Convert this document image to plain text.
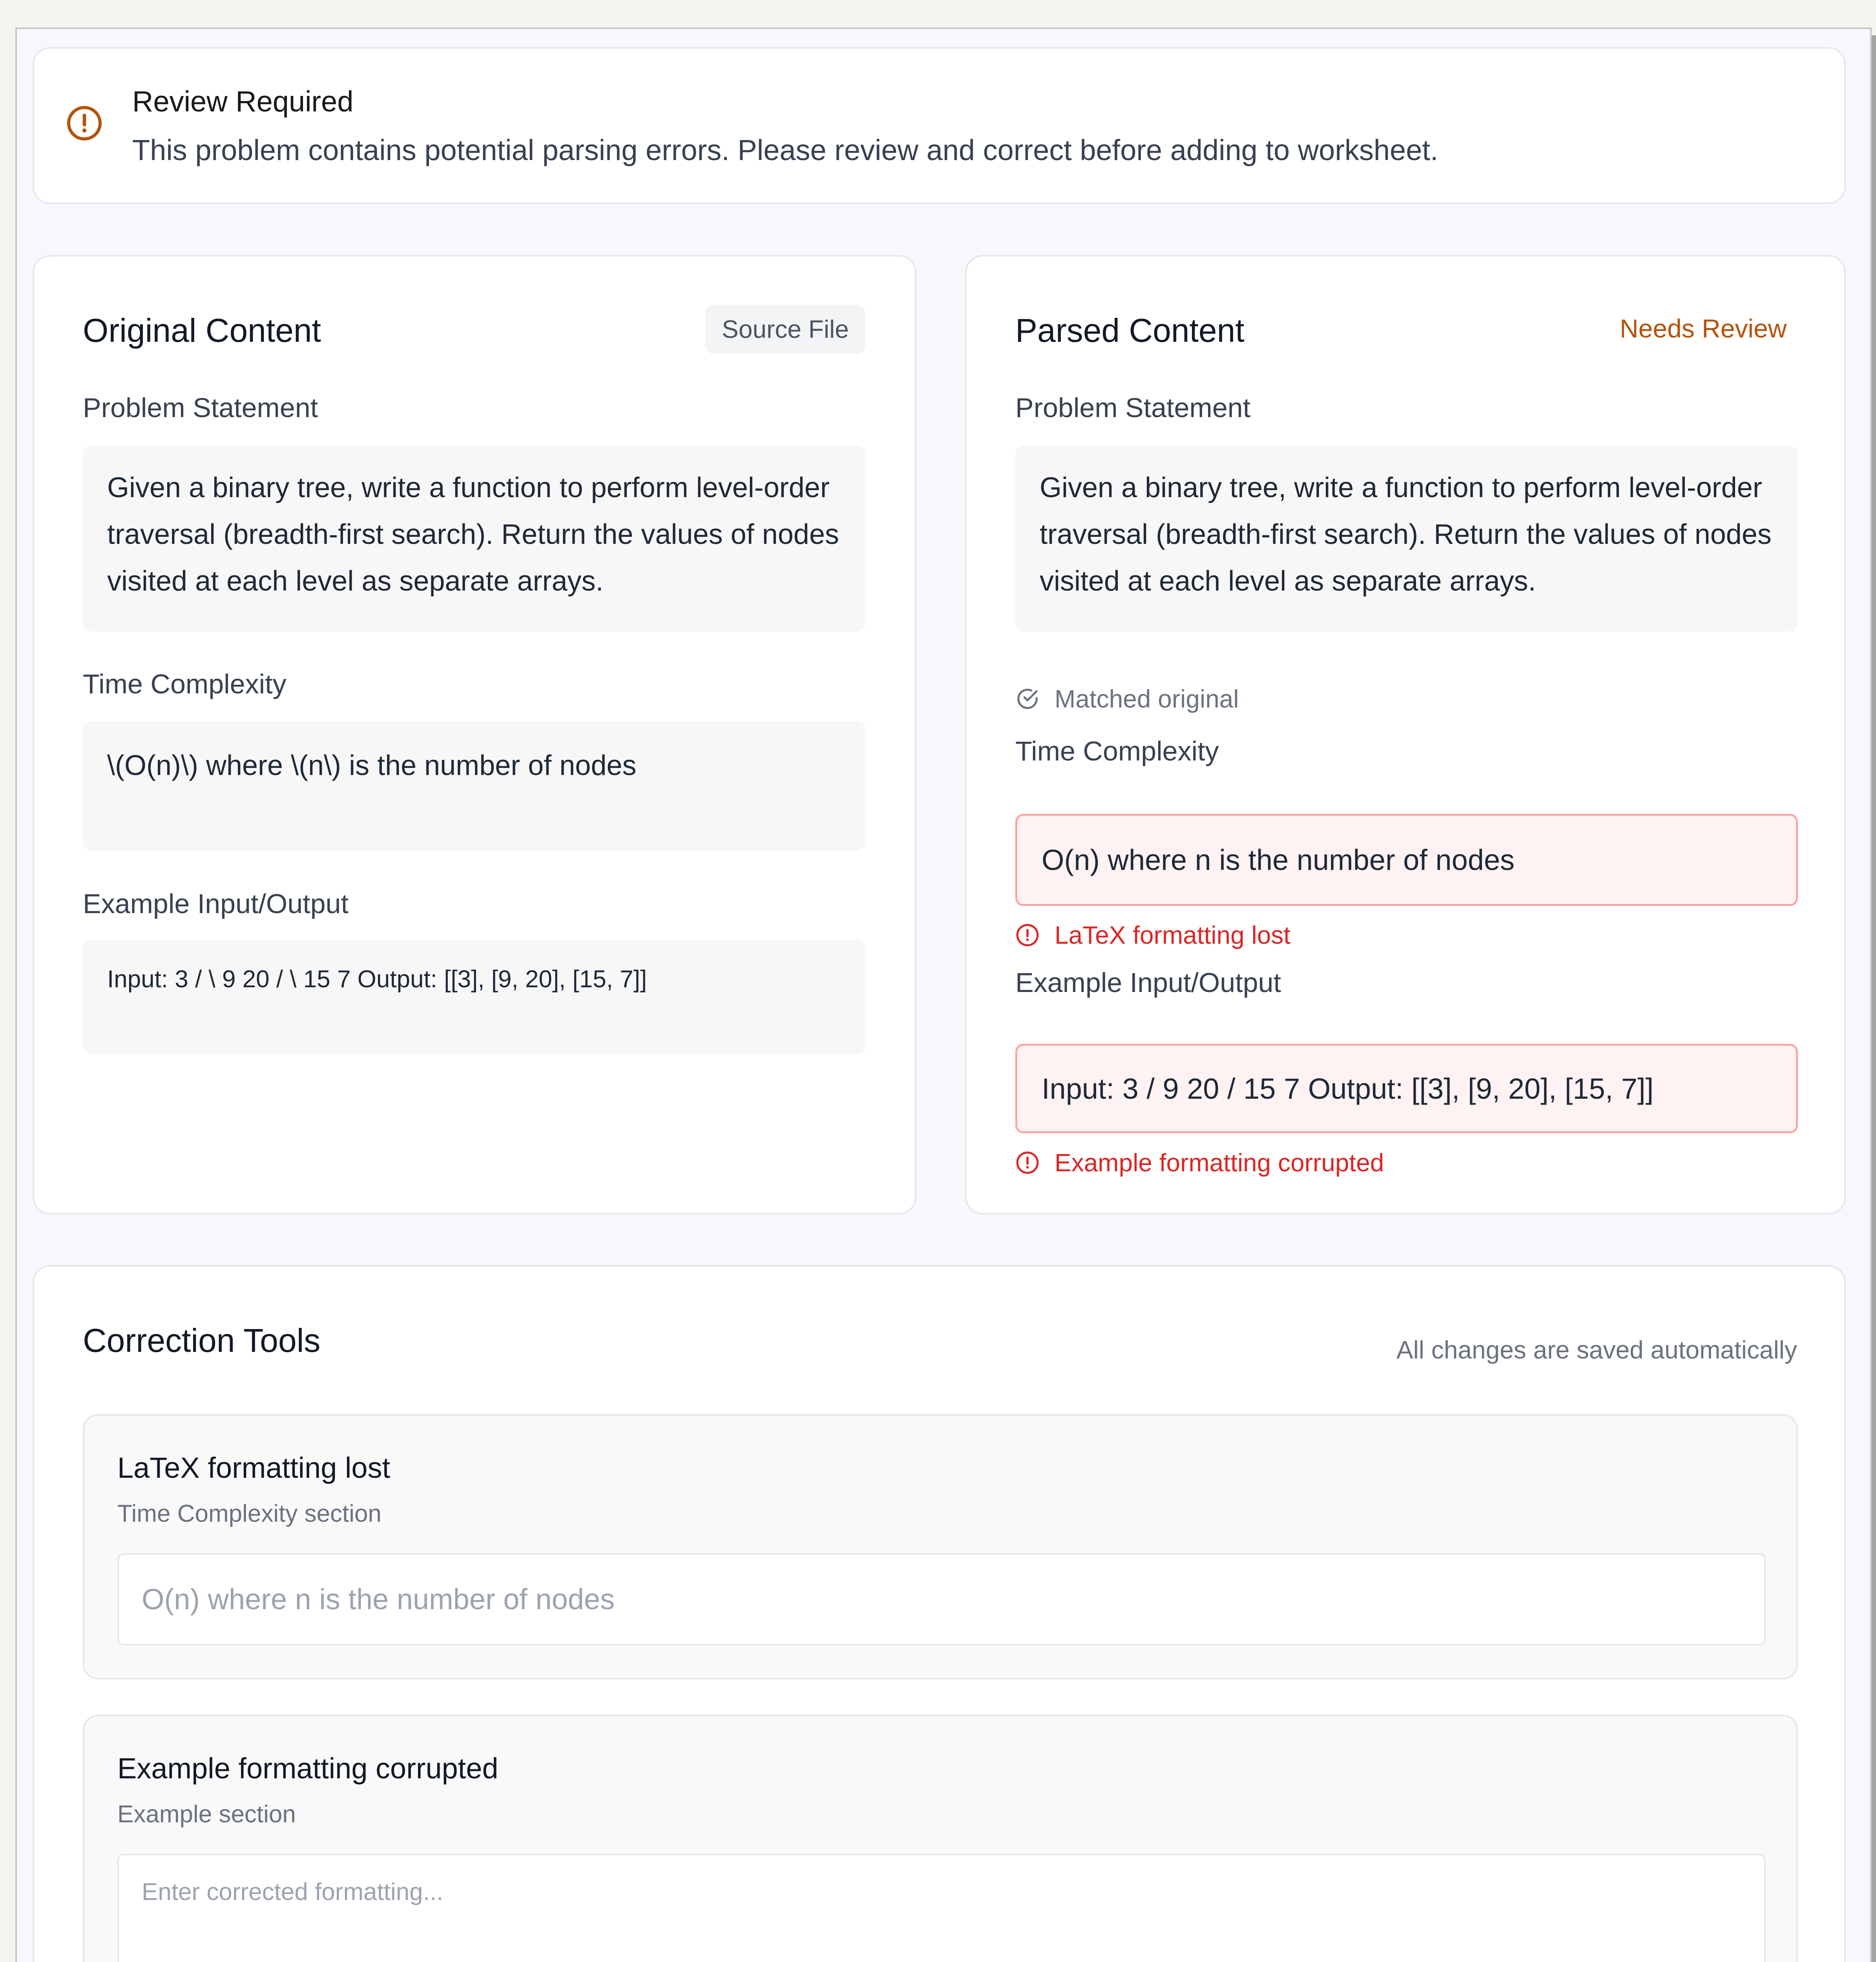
Review Required
This problem contains potential parsing errors. Please review and correct before adding to worksheet.
Original Content	Source File
Problem Statement
Given a binary tree, write a function to perform level-order traversal (breadth-first search). Return the values of nodes visited at each level as separate arrays.
Time Complexity
\(O(n)\) where \(n\) is the number of nodes
Example Input/Output
Input: 3 / \ 9 20 / \ 15 7 Output: [[3], [9, 20], [15, 7]]
Parsed Content	Needs Review
Problem Statement
Given a binary tree, write a function to perform level-order traversal (breadth-first search). Return the values of nodes visited at each level as separate arrays.
Matched original
Time Complexity
O(n) where n is the number of nodes
LaTeX formatting lost
Example Input/Output
Input: 3 / 9 20 / 15 7 Output: [[3], [9, 20], [15, 7]]
Example formatting corrupted
Correction Tools	All changes are saved automatically
LaTeX formatting lost
Time Complexity section
O(n) where n is the number of nodes
Example formatting corrupted
Example section
Enter corrected formatting...
